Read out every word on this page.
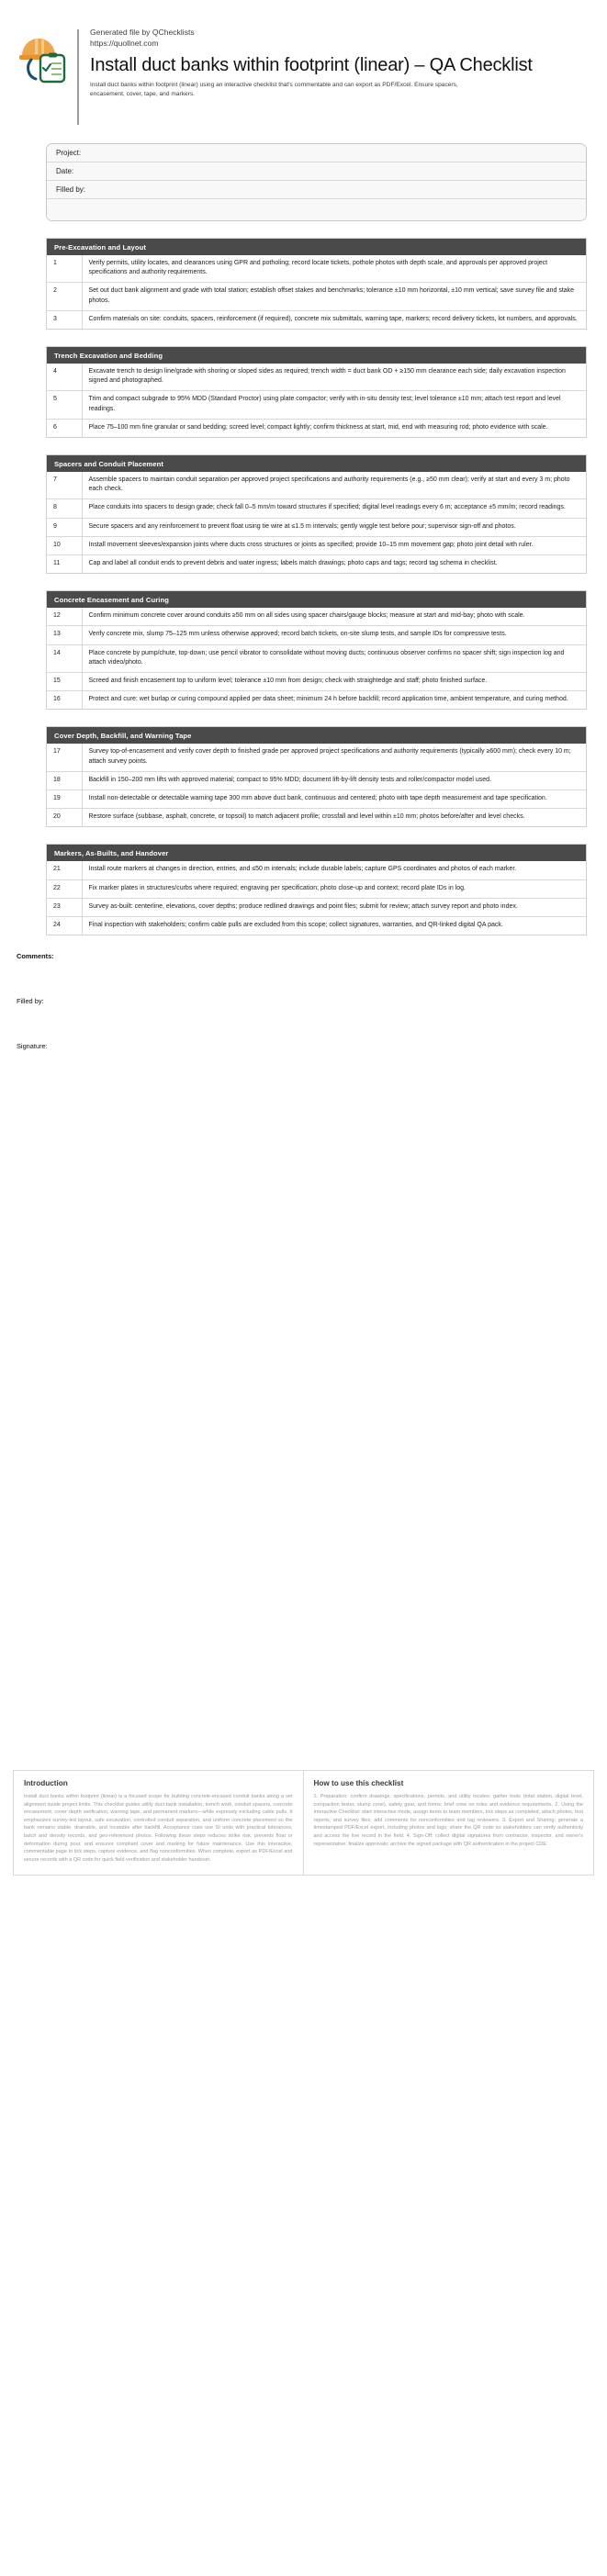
Generated file by QChecklists
https://quollnet.com
Install duct banks within footprint (linear) – QA Checklist
Install duct banks within footprint (linear) using an interactive checklist that's commentable and can export as PDF/Excel. Ensure spacers, encasement, cover, tape, and markers.
Project:
Date:
Filled by:

Pre-Excavation and Layout
1	Verify permits, utility locates, and clearances using GPR and potholing; record locate tickets, pothole photos with depth scale, and approvals per approved project specifications and authority requirements.
2	Set out duct bank alignment and grade with total station; establish offset stakes and benchmarks; tolerance ±10 mm horizontal, ±10 mm vertical; save survey file and stake photos.
3	Confirm materials on site: conduits, spacers, reinforcement (if required), concrete mix submittals, warning tape, markers; record delivery tickets, lot numbers, and approvals.
Trench Excavation and Bedding
4	Excavate trench to design line/grade with shoring or sloped sides as required; trench width = duct bank OD + ≥150 mm clearance each side; daily excavation inspection signed and photographed.
5	Trim and compact subgrade to 95% MDD (Standard Proctor) using plate compactor; verify with in-situ density test; level tolerance ±10 mm; attach test report and level readings.
6	Place 75–100 mm fine granular or sand bedding; screed level; compact lightly; confirm thickness at start, mid, end with measuring rod; photo evidence with scale.
Spacers and Conduit Placement
7	Assemble spacers to maintain conduit separation per approved project specifications and authority requirements (e.g., ≥50 mm clear); verify at start and every 3 m; photo each check.
8	Place conduits into spacers to design grade; check fall 0–5 mm/m toward structures if specified; digital level readings every 6 m; acceptance ±5 mm/m; record readings.
9	Secure spacers and any reinforcement to prevent float using tie wire at ≤1.5 m intervals; gently wiggle test before pour; supervisor sign-off and photos.
10	Install movement sleeves/expansion joints where ducts cross structures or joints as specified; provide 10–15 mm movement gap; photo joint detail with ruler.
11	Cap and label all conduit ends to prevent debris and water ingress; labels match drawings; photo caps and tags; record tag schema in checklist.
Concrete Encasement and Curing
12	Confirm minimum concrete cover around conduits ≥50 mm on all sides using spacer chairs/gauge blocks; measure at start and mid-bay; photo with scale.
13	Verify concrete mix, slump 75–125 mm unless otherwise approved; record batch tickets, on-site slump tests, and sample IDs for compressive tests.
14	Place concrete by pump/chute, top-down; use pencil vibrator to consolidate without moving ducts; continuous observer confirms no spacer shift; sign inspection log and attach video/photo.
15	Screed and finish encasement top to uniform level; tolerance ±10 mm from design; check with straightedge and staff; photo finished surface.
16	Protect and cure: wet burlap or curing compound applied per data sheet; minimum 24 h before backfill; record application time, ambient temperature, and curing method.
Cover Depth, Backfill, and Warning Tape
17	Survey top-of-encasement and verify cover depth to finished grade per approved project specifications and authority requirements (typically ≥600 mm); check every 10 m; attach survey points.
18	Backfill in 150–200 mm lifts with approved material; compact to 95% MDD; document lift-by-lift density tests and roller/compactor model used.
19	Install non-detectable or detectable warning tape 300 mm above duct bank, continuous and centered; photo with tape depth measurement and tape specification.
20	Restore surface (subbase, asphalt, concrete, or topsoil) to match adjacent profile; crossfall and level within ±10 mm; photos before/after and level checks.
Markers, As-Builts, and Handover
21	Install route markers at changes in direction, entries, and ≤50 m intervals; include durable labels; capture GPS coordinates and photos of each marker.
22	Fix marker plates in structures/curbs where required; engraving per specification; photo close-up and context; record plate IDs in log.
23	Survey as-built: centerline, elevations, cover depths; produce redlined drawings and point files; submit for review; attach survey report and photo index.
24	Final inspection with stakeholders; confirm cable pulls are excluded from this scope; collect signatures, warranties, and QR-linked digital QA pack.
Comments:
Filled by:
Signature:
Introduction
Install duct banks within footprint (linear) is a focused scope for building concrete-encased conduit banks along a set alignment inside project limits. This checklist guides utility duct bank installation, trench work, conduit spacers, concrete encasement, cover depth verification, warning tape, and permanent markers—while expressly excluding cable pulls. It emphasizes survey-led layout, safe excavation, controlled conduit separation, and uniform concrete placement so the bank remains stable, drainable, and locatable after backfill. Acceptance cues use SI units with practical tolerances, batch and density records, and geo-referenced photos. Following these steps reduces strike risk, prevents float or deformation during pour, and ensures compliant cover and marking for future maintenance. Use this interactive, commentable page to tick steps, capture evidence, and flag nonconformities. When complete, export as PDF/Excel and secure records with a QR code for quick field verification and stakeholder handover.
How to use this checklist
1. Preparation: confirm drawings, specifications, permits, and utility locates; gather tools (total station, digital level, compaction tester, slump cone), safety gear, and forms; brief crew on roles and evidence requirements. 2. Using the Interactive Checklist: start interactive mode, assign items to team members, tick steps as completed, attach photos, test reports, and survey files; add comments for nonconformities and tag reviewers. 3. Export and Sharing: generate a timestamped PDF/Excel export, including photos and logs; share the QR code so stakeholders can verify authenticity and access the live record in the field. 4. Sign-Off: collect digital signatures from contractor, inspector, and owner's representative; finalize approvals; archive the signed package with QR authentication in the project CDE.
